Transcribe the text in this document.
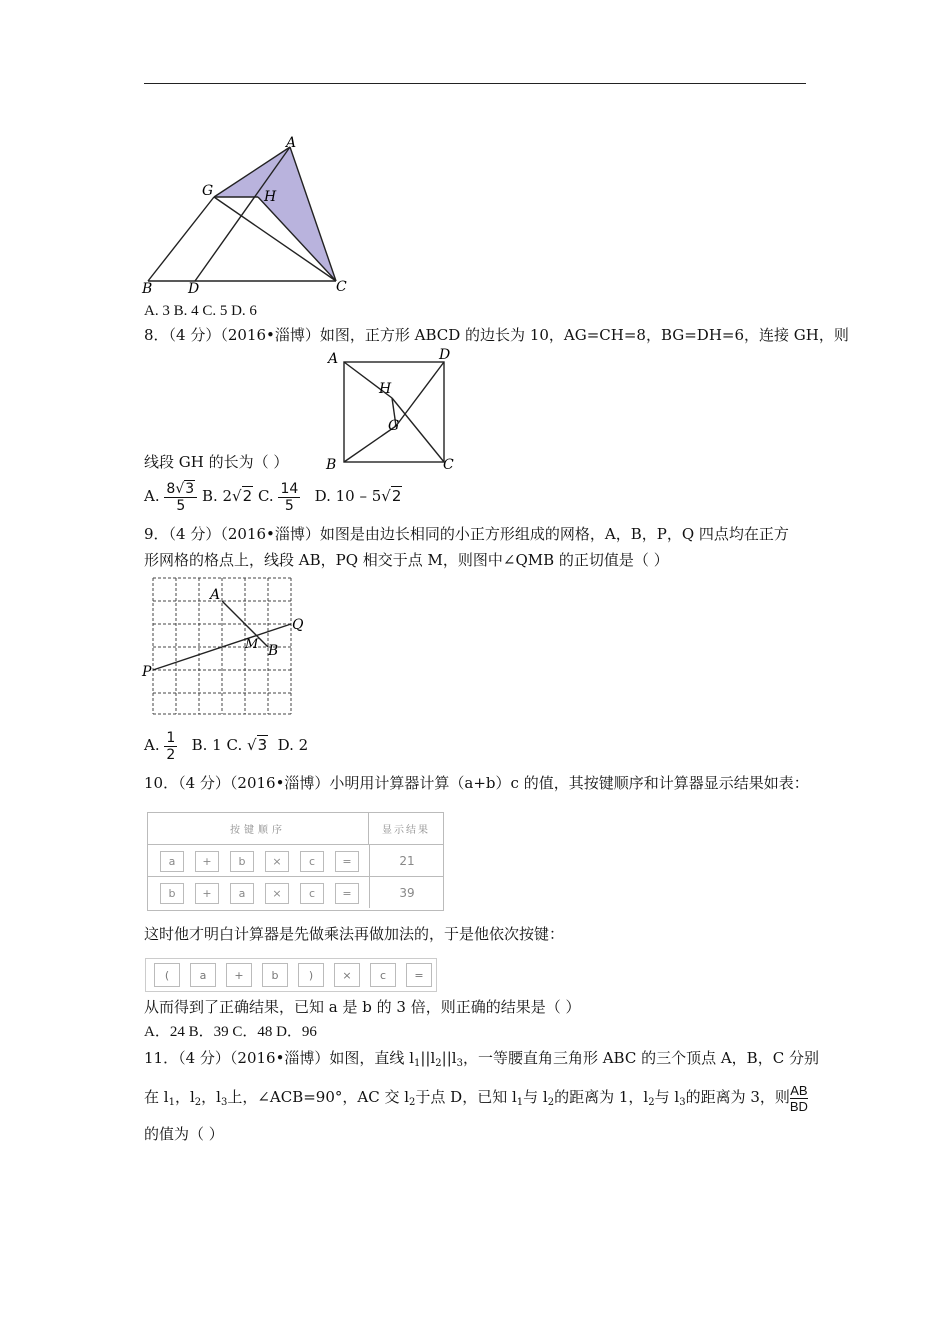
A
G	H
B	D	C
A. 3 B. 4 C. 5 D. 6
8．（4 分）（2016•淄博）如图，正方形 ABCD 的边长为 10，AG=CH=8，BG=DH=6，连接 GH，则
A	D
H
G
B	C
线段 GH 的长为（ ）
A. $\frac{8√3}{5} B$. 2√2 C. $\frac{14}{5} D$. 10 – 5√2
9．（4 分）（2016•淄博）如图是由边长相同的小正方形组成的网格，A，B，P，Q 四点均在正方
形网格的格点上，线段 AB，PQ 相交于点 M，则图中∠QMB 的正切值是（ ）
A
Q
M B
P
A. $\frac{1}{2} B$. 1 C. √3 D. 2
10．（4 分）（2016•淄博）小明用计算器计算（a+b）c 的值，其按键顺序和计算器显示结果如表：
按键顺序	显示结果
a	+	b	×	c	=	21
b	+	a	×	c	=	39
这时他才明白计算器是先做乘法再做加法的，于是他依次按键：
(	a	+	b	)	×	c	=
从而得到了正确结果，已知 a 是 b 的 3 倍，则正确的结果是（ ）
A．24 B．39 C．48 D．96
11．（4 分）（2016•淄博）如图，直线 $l_1||l_2||l_3$，一等腰直角三角形 ABC 的三个顶点 A，B，C 分别
在 $l_1$，$l_2$，$l_3$上，∠ACB=90°，AC 交 $l_2$于点 D，已知 $l_1$与 $l_2$的距离为 1，$l_2$与 $l_3$的距离为 3，则 $\frac{AB}{BD}$
的值为（ ）
